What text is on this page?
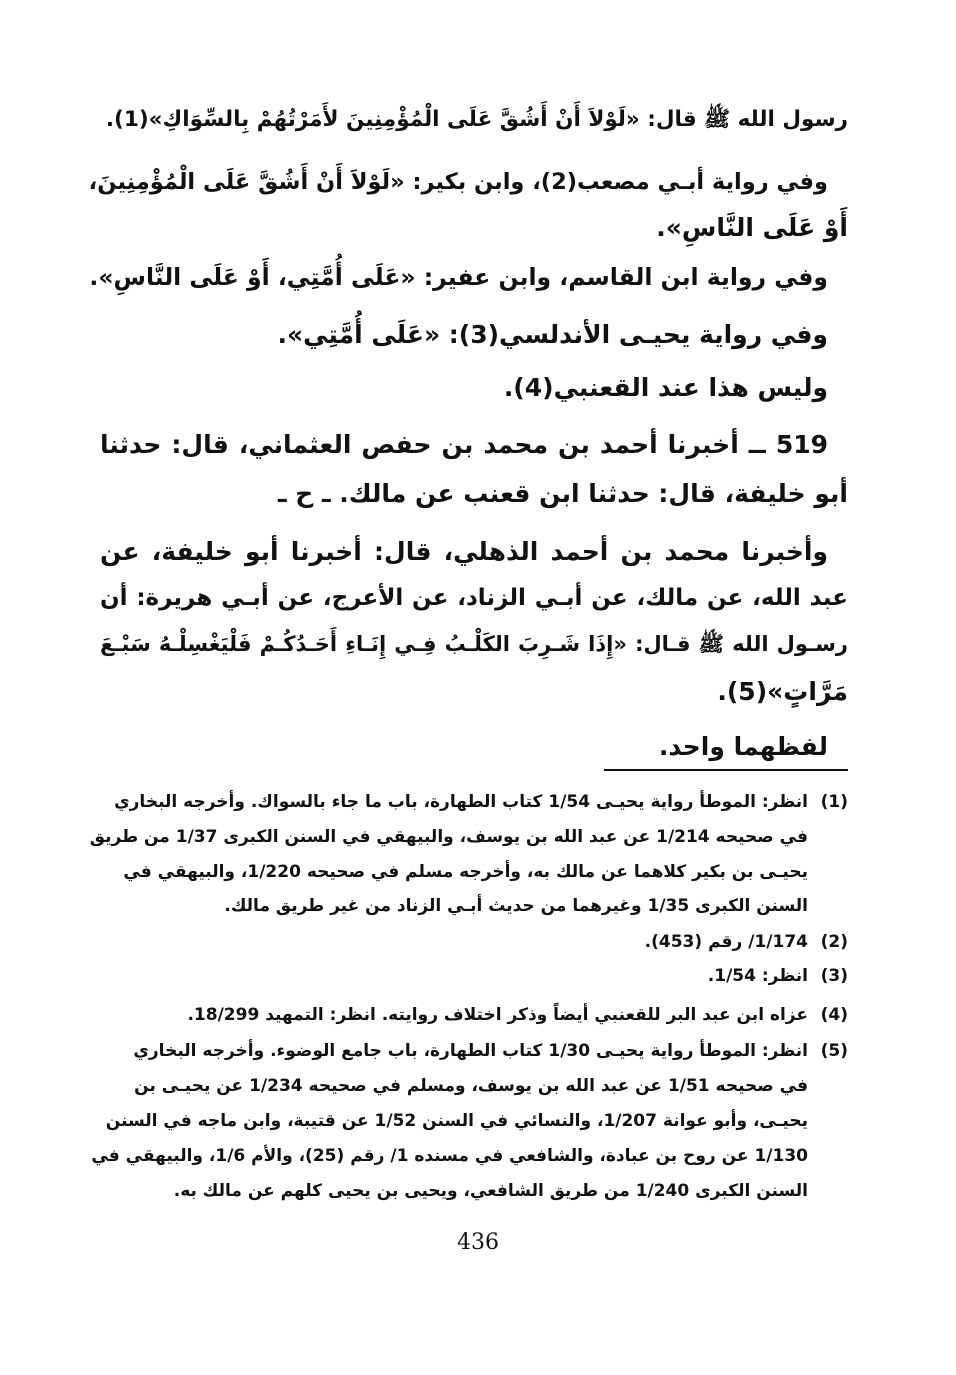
رسول الله ﷺ قال: «لَوْلاَ أَنْ أَشُقَّ عَلَى الْمُؤْمِنِينَ لأَمَرْتُهُمْ بِالسِّوَاكِ»(1).
وفي رواية أبـي مصعب(2)، وابن بكير: «لَوْلاَ أَنْ أَشُقَّ عَلَى الْمُؤْمِنِينَ،
أَوْ عَلَى النَّاسِ».
وفي رواية ابن القاسم، وابن عفير: «عَلَى أُمَّتِي، أَوْ عَلَى النَّاسِ».
وفي رواية يحيـى الأندلسي(3): «عَلَى أُمَّتِي».
وليس هذا عند القعنبي(4).
519 ــ أخبرنا أحمد بن محمد بن حفص العثماني، قال: حدثنا
أبو خليفة، قال: حدثنا ابن قعنب عن مالك. ـ ح ـ
وأخبرنا محمد بن أحمد الذهلي، قال: أخبرنا أبو خليفة، عن
عبد الله، عن مالك، عن أبـي الزناد، عن الأعرج، عن أبـي هريرة: أن
رسـول الله ﷺ قـال: «إِذَا شَـرِبَ الكَلْـبُ فِـي إِنَـاءِ أَحَـدُكُـمْ فَلْيَغْسِلْـهُ سَبْـعَ
مَرَّاتٍ»(5).
لفظهما واحد.
(1)انظر: الموطأ رواية يحيـى 1/54 كتاب الطهارة، باب ما جاء بالسواك. وأخرجه البخاري
في صحيحه 1/214 عن عبد الله بن يوسف، والبيهقي في السنن الكبرى 1/37 من طريق
يحيـى بن بكير كلاهما عن مالك به، وأخرجه مسلم في صحيحه 1/220، والبيهقي في
السنن الكبرى 1/35 وغيرهما من حديث أبـي الزناد من غير طريق مالك.
(2)1/174/ رقم (453).
(3)انظر: 1/54.
(4)عزاه ابن عبد البر للقعنبي أيضاً وذكر اختلاف روايته. انظر: التمهيد 18/299.
(5)انظر: الموطأ رواية يحيـى 1/30 كتاب الطهارة، باب جامع الوضوء. وأخرجه البخاري
في صحيحه 1/51 عن عبد الله بن يوسف، ومسلم في صحيحه 1/234 عن يحيـى بن
يحيـى، وأبو عوانة 1/207، والنسائي في السنن 1/52 عن قتيبة، وابن ماجه في السنن
1/130 عن روح بن عبادة، والشافعي في مسنده 1/ رقم (25)، والأم 1/6، والبيهقي في
السنن الكبرى 1/240 من طريق الشافعي، ويحيى بن يحيى كلهم عن مالك به.
436
